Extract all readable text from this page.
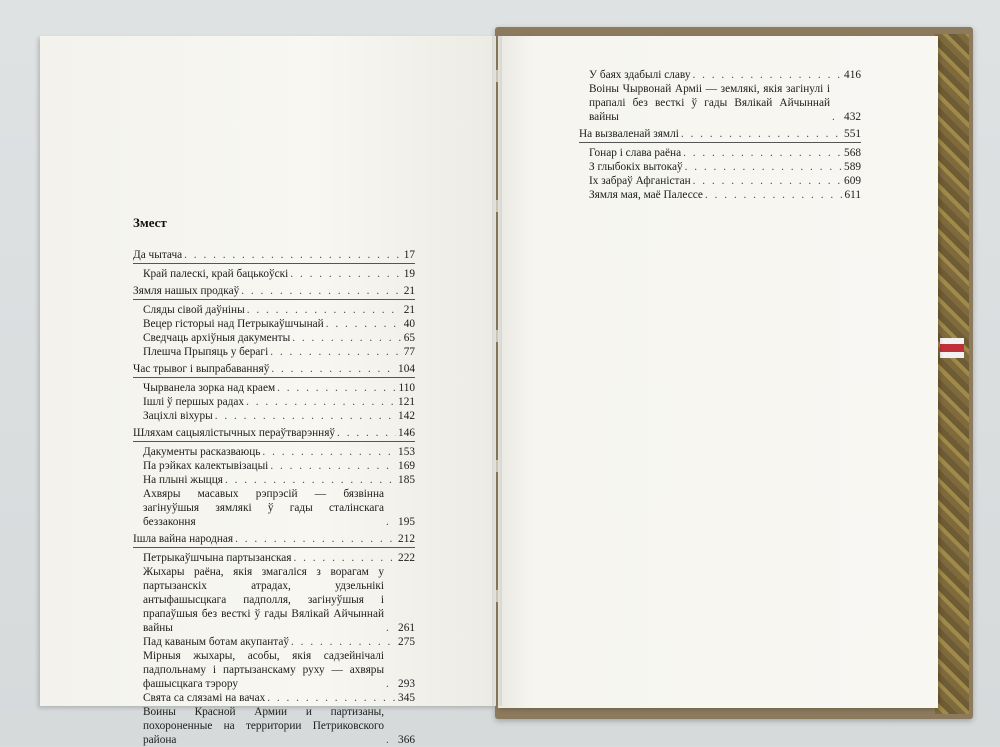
Змест
Да чытача . . .	17
Край палескі, край бацькоўскі . . .	19
Зямля нашых продкаў . . .	21
Сляды сівой даўніны . . .	21
Вецер гісторыі над Петрыкаўшчынай . . .	40
Сведчаць архіўныя дакументы . . .	65
Плешча Прыпяць у берагі . . .	77
Час трывог і выпрабаванняў . . .	104
Чырванела зорка над краем . . .	110
Ішлі ў першых радах . . .	121
Заціхлі віхуры . . .	142
Шляхам сацыялістычных пераўтварэнняў . . .	146
Дакументы расказваюць . . .	153
Па рэйках калектывізацыі . . .	169
На плыні жыцця . . .	185
Ахвяры масавых рэпрэсій — бязвінна загінуўшыя зямлякі ў гады сталінскага беззаконня . . .	195
Ішла вайна народная . . .	212
Петрыкаўшчына партызанская . . .	222
Жыхары раёна, якія змагаліся з ворагам у партызанскіх атрадах, удзельнікі антыфашысцкага падполля, загінуўшыя і прапаўшыя без вестκі ў гады Вялікай Айчыннай вайны . . .	261
Пад каваным ботам акупантаў . . .	275
Мірныя жыхары, асобы, якія садзейнічалі падпольнаму і партызанскаму руху — ахвяры фашысцкага тэрору . . .	293
Свята са слязамі на вачах . . .	345
Воины Красной Армии и партизаны, похороненные на территории Петриковского района . . .	366
У баях здабылі славу . . .	416
Воіны Чырвонай Арміі — землякі, якія загінулі і прапалі без вестκі ў гады Вялікай Айчыннай вайны . . .	432
На вызваленай зямлі . . .	551
Гонар і слава раёна . . .	568
З глыбокіх вытокаў . . .	589
Іх забраў Афганістан . . .	609
Зямля мая, маё Палессе . . .	611
